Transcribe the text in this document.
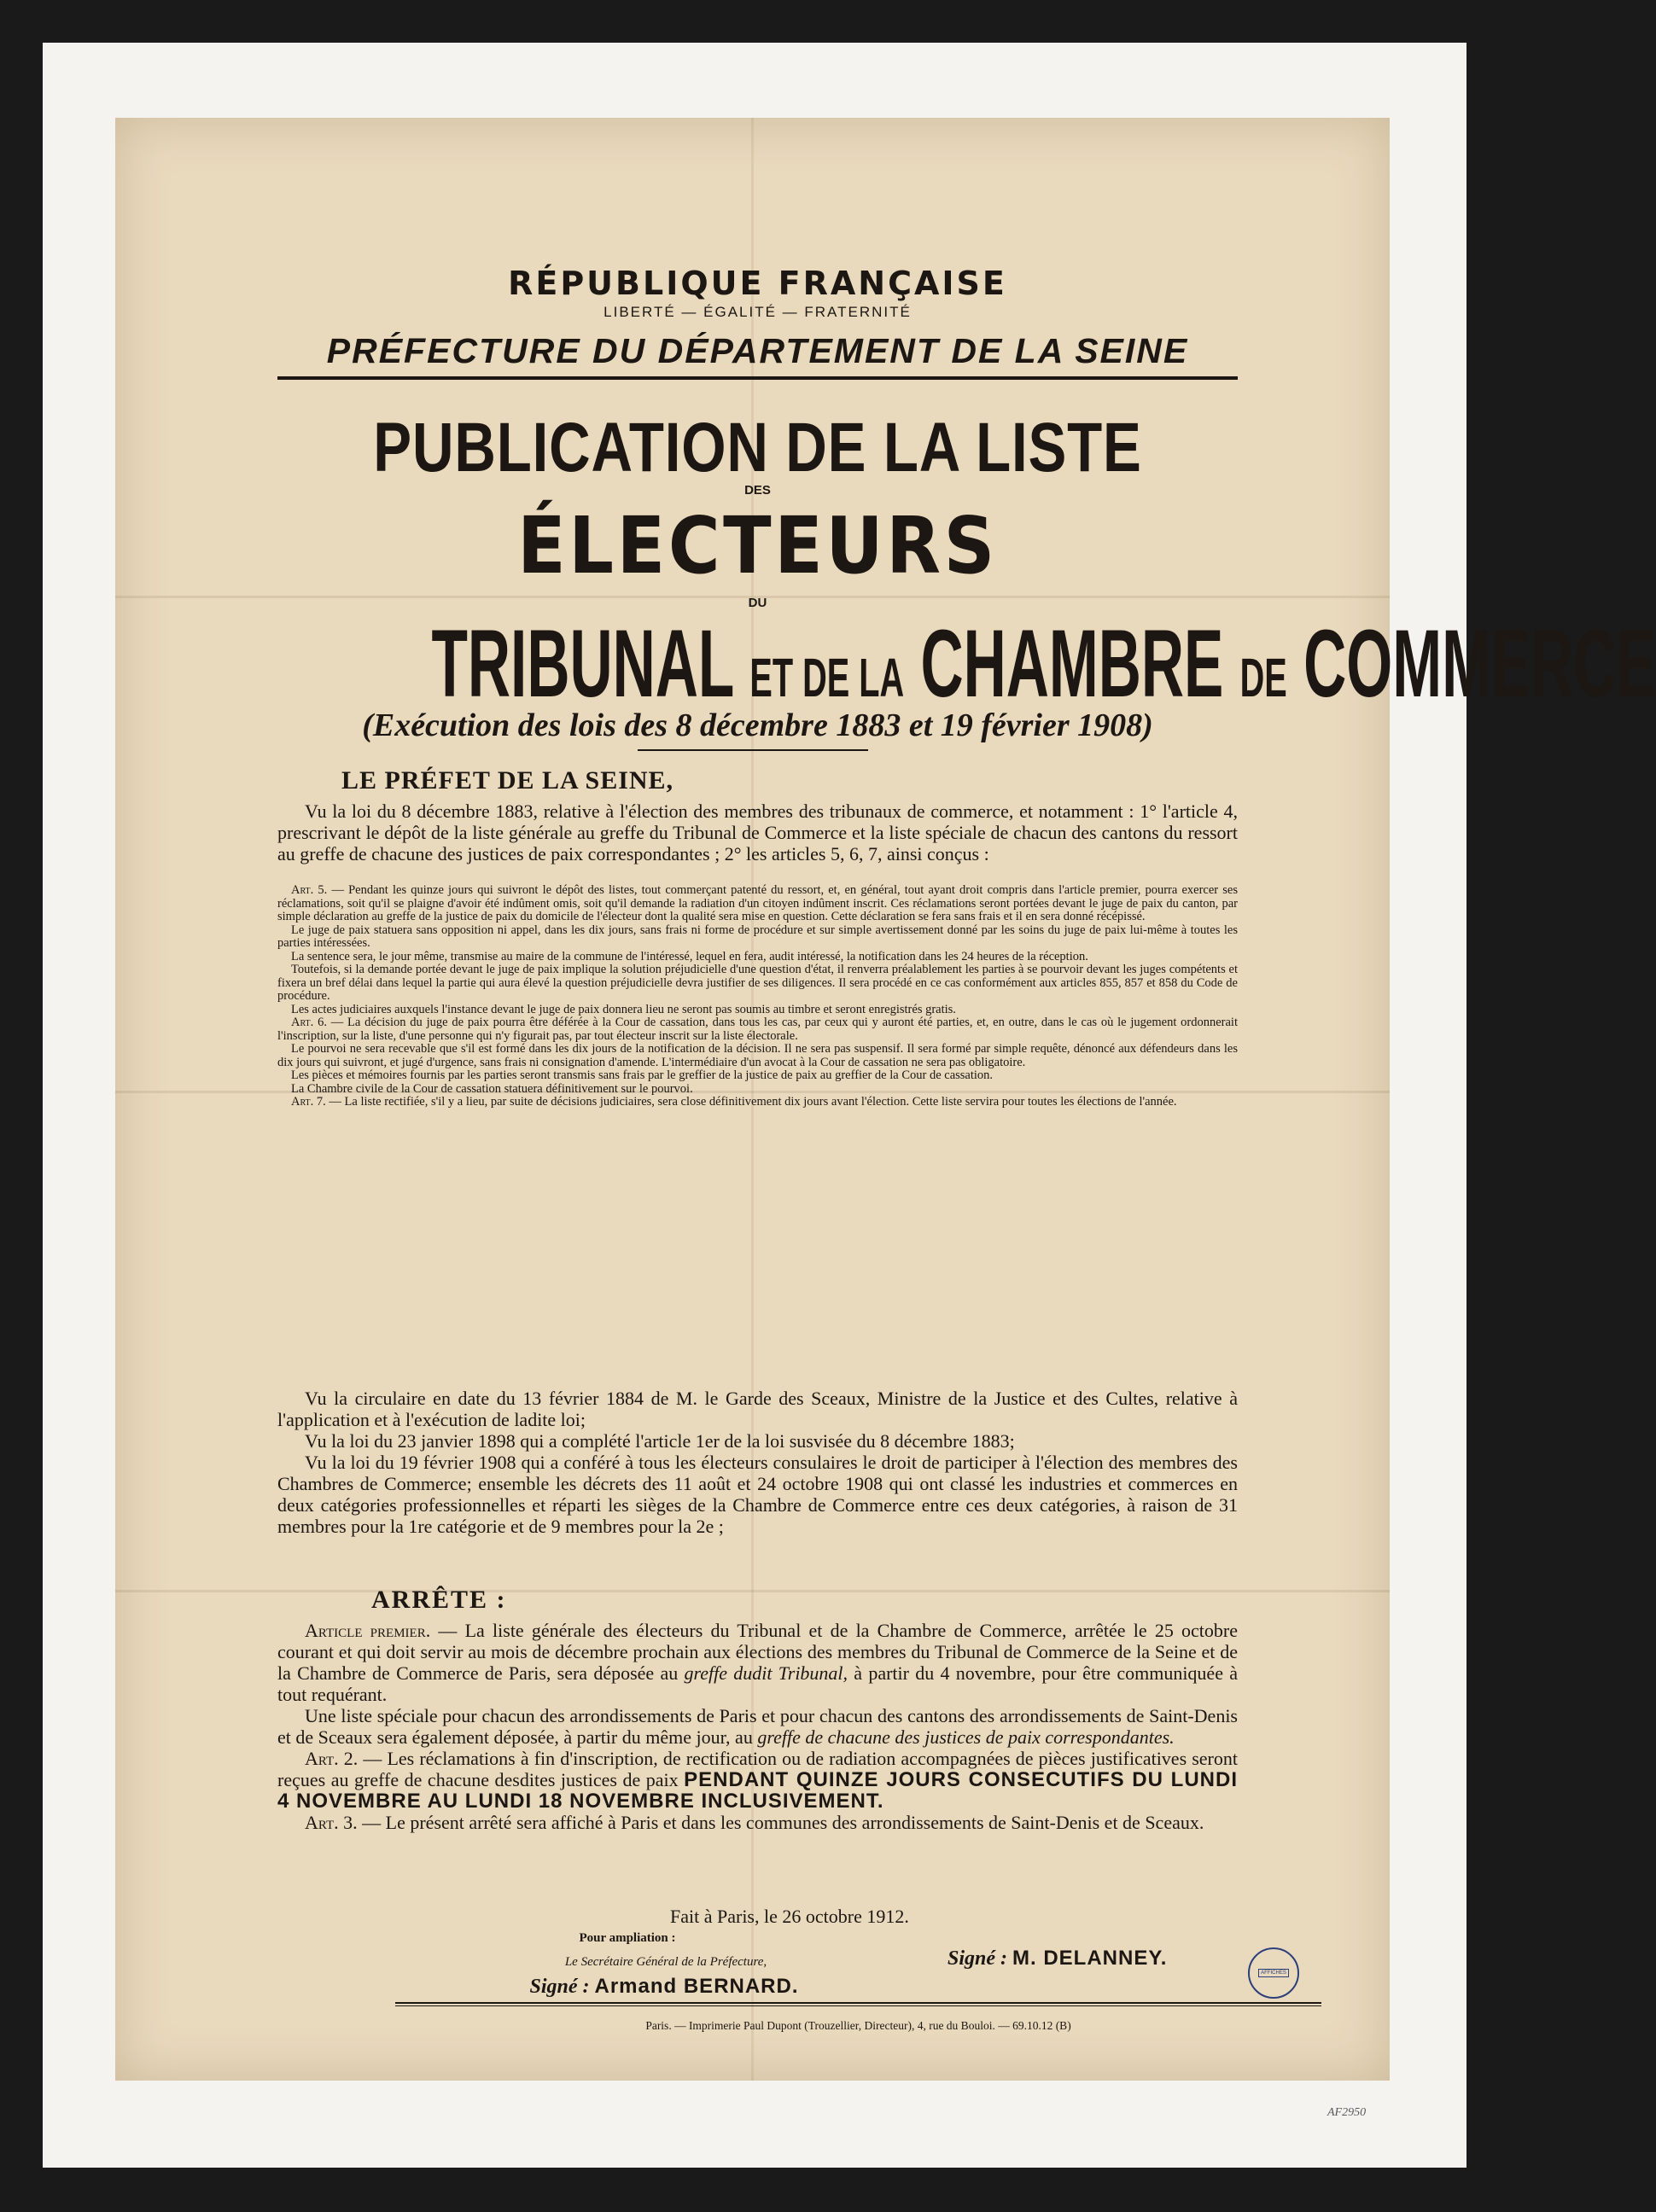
RÉPUBLIQUE FRANÇAISE
LIBERTÉ — ÉGALITÉ — FRATERNITÉ
PRÉFECTURE DU DÉPARTEMENT DE LA SEINE
PUBLICATION DE LA LISTE
DES
ÉLECTEURS
DU
TRIBUNAL ET DE LA CHAMBRE DE COMMERCE
(Exécution des lois des 8 décembre 1883 et 19 février 1908)
LE PRÉFET DE LA SEINE,

Vu la loi du 8 décembre 1883, relative à l'élection des membres des tribunaux de commerce, et notamment : 1° l'article 4, prescrivant le dépôt de la liste générale au greffe du Tribunal de Commerce et la liste spéciale de chacun des cantons du ressort au greffe de chacune des justices de paix correspondantes ; 2° les articles 5, 6, 7, ainsi conçus :

Art. 5. — Pendant les quinze jours qui suivront le dépôt des listes, tout commerçant patenté du ressort, et, en général, tout ayant droit compris dans l'article premier, pourra exercer ses réclamations, soit qu'il se plaigne d'avoir été indûment omis, soit qu'il demande la radiation d'un citoyen indûment inscrit. Ces réclamations seront portées devant le juge de paix du canton, par simple déclaration au greffe de la justice de paix du domicile de l'électeur dont la qualité sera mise en question. Cette déclaration se fera sans frais et il en sera donné récépissé.

Le juge de paix statuera sans opposition ni appel, dans les dix jours, sans frais ni forme de procédure et sur simple avertissement donné par les soins du juge de paix lui-même à toutes les parties intéressées.

La sentence sera, le jour même, transmise au maire de la commune de l'intéressé, lequel en fera, audit intéressé, la notification dans les 24 heures de la réception.

Toutefois, si la demande portée devant le juge de paix implique la solution préjudicielle d'une question d'état, il renverra préalablement les parties à se pourvoir devant les juges compétents et fixera un bref délai dans lequel la partie qui aura élevé la question préjudicielle devra justifier de ses diligences. Il sera procédé en ce cas conformément aux articles 855, 857 et 858 du Code de procédure.

Les actes judiciaires auxquels l'instance devant le juge de paix donnera lieu ne seront pas soumis au timbre et seront enregistrés gratis.

Art. 6. — La décision du juge de paix pourra être déférée à la Cour de cassation, dans tous les cas, par ceux qui y auront été parties, et, en outre, dans le cas où le jugement ordonnerait l'inscription, sur la liste, d'une personne qui n'y figurait pas, par tout électeur inscrit sur la liste électorale.

Le pourvoi ne sera recevable que s'il est formé dans les dix jours de la notification de la décision. Il ne sera pas suspensif. Il sera formé par simple requête, dénoncé aux défendeurs dans les dix jours qui suivront, et jugé d'urgence, sans frais ni consignation d'amende. L'intermédiaire d'un avocat à la Cour de cassation ne sera pas obligatoire.

Les pièces et mémoires fournis par les parties seront transmis sans frais par le greffier de la justice de paix au greffier de la Cour de cassation.

La Chambre civile de la Cour de cassation statuera définitivement sur le pourvoi.

Art. 7. — La liste rectifiée, s'il y a lieu, par suite de décisions judiciaires, sera close définitivement dix jours avant l'élection. Cette liste servira pour toutes les élections de l'année.

Vu la circulaire en date du 13 février 1884 de M. le Garde des Sceaux, Ministre de la Justice et des Cultes, relative à l'application et à l'exécution de ladite loi;

Vu la loi du 23 janvier 1898 qui a complété l'article 1er de la loi susvisée du 8 décembre 1883;

Vu la loi du 19 février 1908 qui a conféré à tous les électeurs consulaires le droit de participer à l'élection des membres des Chambres de Commerce; ensemble les décrets des 11 août et 24 octobre 1908 qui ont classé les industries et commerces en deux catégories professionnelles et réparti les sièges de la Chambre de Commerce entre ces deux catégories, à raison de 31 membres pour la 1re catégorie et de 9 membres pour la 2e ;

ARRÊTE :

Article premier. — La liste générale des électeurs du Tribunal et de la Chambre de Commerce, arrêtée le 25 octobre courant et qui doit servir au mois de décembre prochain aux élections des membres du Tribunal de Commerce de la Seine et de la Chambre de Commerce de Paris, sera déposée au greffe dudit Tribunal, à partir du 4 novembre, pour être communiquée à tout requérant.

Une liste spéciale pour chacun des arrondissements de Paris et pour chacun des cantons des arrondissements de Saint-Denis et de Sceaux sera également déposée, à partir du même jour, au greffe de chacune des justices de paix correspondantes.

Art. 2. — Les réclamations à fin d'inscription, de rectification ou de radiation accompagnées de pièces justificatives seront reçues au greffe de chacune desdites justices de paix PENDANT QUINZE JOURS CONSECUTIFS DU LUNDI 4 NOVEMBRE AU LUNDI 18 NOVEMBRE INCLUSIVEMENT.

Art. 3. — Le présent arrêté sera affiché à Paris et dans les communes des arrondissements de Saint-Denis et de Sceaux.

Fait à Paris, le 26 octobre 1912.
Pour ampliation :
Le Secrétaire Général de la Préfecture,
Signé : Armand BERNARD.
Signé : M. DELANNEY.
AFFICHES
Paris. — Imprimerie Paul Dupont (Trouzellier, Directeur), 4, rue du Bouloi. — 69.10.12 (B)
AF2950
